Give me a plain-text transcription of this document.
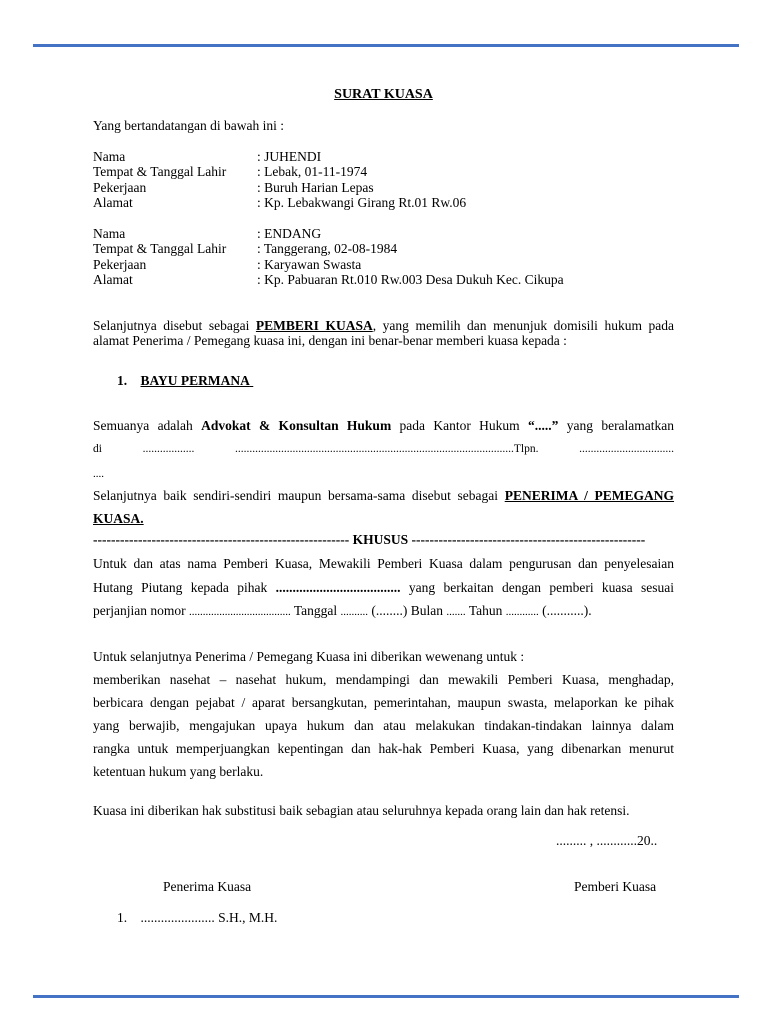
SURAT KUASA
Yang bertandatangan di bawah ini :
Nama	: JUHENDI
Tempat & Tanggal Lahir : Lebak, 01-11-1974
Pekerjaan	: Buruh Harian Lepas
Alamat	: Kp. Lebakwangi Girang Rt.01 Rw.06
Nama	: ENDANG
Tempat & Tanggal Lahir : Tanggerang, 02-08-1984
Pekerjaan	: Karyawan Swasta
Alamat	: Kp. Pabuaran Rt.010 Rw.003 Desa Dukuh Kec. Cikupa
Selanjutnya disebut sebagai PEMBERI KUASA, yang memilih dan menunjuk domisili hukum pada
alamat Penerima / Pemegang kuasa ini, dengan ini benar-benar memberi kuasa kepada :
1. BAYU PERMANA
Semuanya adalah Advokat & Konsultan Hukum pada Kantor Hukum “.....” yang beralamatkan
di ..................	.................................................................................................Tlpn. .................................
....
Selanjutnya baik sendiri-sendiri maupun bersama-sama disebut sebagai PENERIMA / PEMEGANG
KUASA.
--------------------------------------------------------- KHUSUS ----------------------------------------------------
Untuk dan atas nama Pemberi Kuasa, Mewakili Pemberi Kuasa dalam pengurusan dan penyelesaian
Hutang Piutang kepada pihak ..................................... yang berkaitan dengan pemberi kuasa sesuai
perjanjian nomor ..................................... Tanggal .......... (........) Bulan ....... Tahun ............ (...........).
Untuk selanjutnya Penerima / Pemegang Kuasa ini diberikan wewenang untuk :
memberikan nasehat – nasehat hukum, mendampingi dan mewakili Pemberi Kuasa, menghadap,
berbicara dengan pejabat / aparat bersangkutan, pemerintahan, maupun swasta, melaporkan ke pihak
yang berwajib, mengajukan upaya hukum dan atau melakukan tindakan-tindakan lainnya dalam
rangka untuk memperjuangkan kepentingan dan hak-hak Pemberi Kuasa, yang dibenarkan menurut
ketentuan hukum yang berlaku.
Kuasa ini diberikan hak substitusi baik sebagian atau seluruhnya kepada orang lain dan hak retensi.
......... , ............20..
Penerima Kuasa	Pemberi Kuasa
1. ...................... S.H., M.H.
